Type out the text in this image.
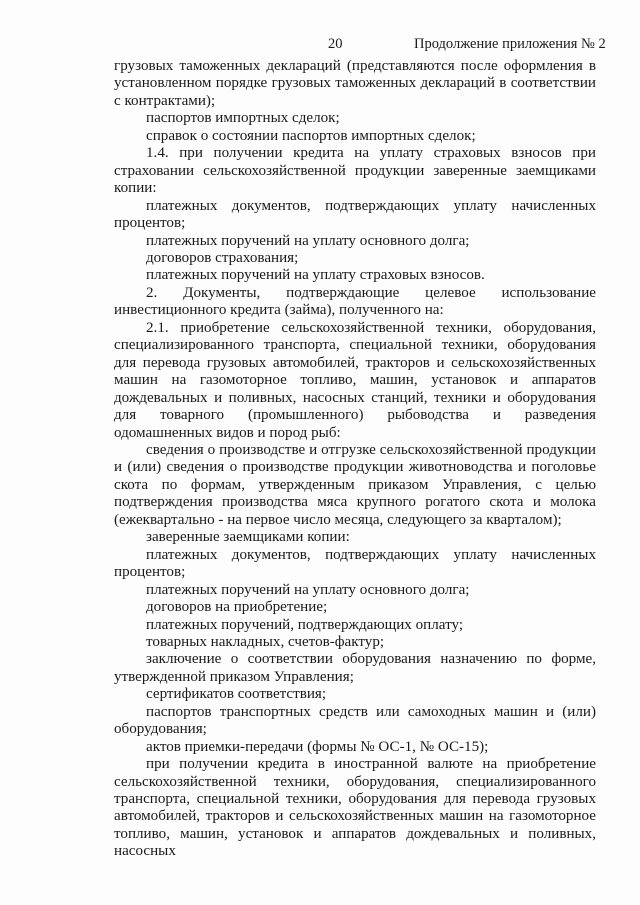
20	Продолжение приложения № 2

грузовых таможенных деклараций (представляются после оформления в установленном порядке грузовых таможенных деклараций в соответствии с контрактами);

паспортов импортных сделок;

справок о состоянии паспортов импортных сделок;

1.4. при получении кредита на уплату страховых взносов при страховании сельскохозяйственной продукции заверенные заемщиками копии:

платежных документов, подтверждающих уплату начисленных процентов;

платежных поручений на уплату основного долга;

договоров страхования;

платежных поручений на уплату страховых взносов.

2. Документы, подтверждающие целевое использование инвестиционного кредита (займа), полученного на:

2.1. приобретение сельскохозяйственной техники, оборудования, специализированного транспорта, специальной техники, оборудования для перевода грузовых автомобилей, тракторов и сельскохозяйственных машин на газомоторное топливо, машин, установок и аппаратов дождевальных и поливных, насосных станций, техники и оборудования для товарного (промышленного) рыбоводства и разведения одомашненных видов и пород рыб:

сведения о производстве и отгрузке сельскохозяйственной продукции и (или) сведения о производстве продукции животноводства и поголовье скота по формам, утвержденным приказом Управления, с целью подтверждения производства мяса крупного рогатого скота и молока (ежеквартально - на первое число месяца, следующего за кварталом);

заверенные заемщиками копии:

платежных документов, подтверждающих уплату начисленных процентов;

платежных поручений на уплату основного долга;

договоров на приобретение;

платежных поручений, подтверждающих оплату;

товарных накладных, счетов-фактур;

заключение о соответствии оборудования назначению по форме, утвержденной приказом Управления;

сертификатов соответствия;

паспортов транспортных средств или самоходных машин и (или) оборудования;

актов приемки-передачи (формы № ОС-1, № ОС-15);

при получении кредита в иностранной валюте на приобретение сельскохозяйственной техники, оборудования, специализированного транспорта, специальной техники, оборудования для перевода грузовых автомобилей, тракторов и сельскохозяйственных машин на газомоторное топливо, машин, установок и аппаратов дождевальных и поливных, насосных
